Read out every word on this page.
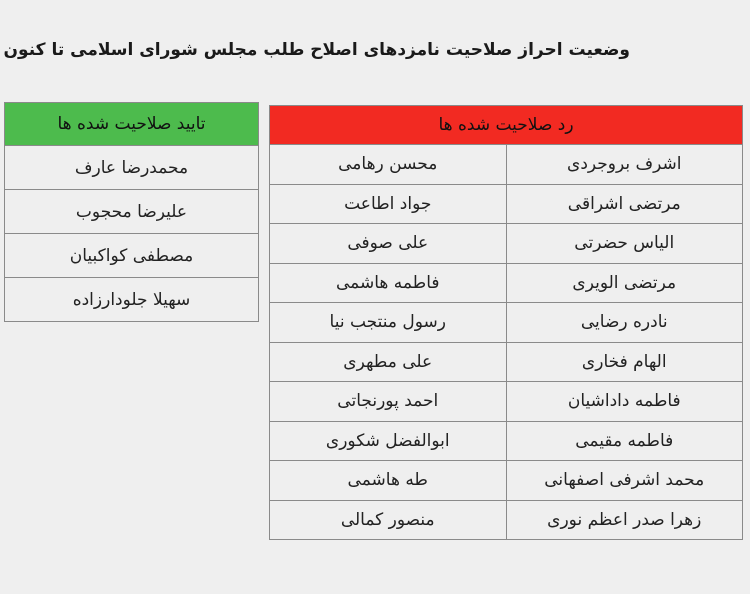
وضعیت احراز صلاحیت نامزدهای اصلاح طلب مجلس شورای اسلامی تا کنون
تایید صلاحیت شده ها
محمدرضا عارف
علیرضا محجوب
مصطفی کواکبیان
سهیلا جلودارزاده
رد صلاحیت شده ها	
اشرف بروجردی	محسن رهامی
مرتضی اشراقی	جواد اطاعت
الیاس حضرتی	علی صوفی
مرتضی الویری	فاطمه هاشمی
نادره رضایی	رسول منتجب نیا
الهام فخاری	علی مطهری
فاطمه داداشیان	احمد پورنجاتی
فاطمه مقیمی	ابوالفضل شکوری
محمد اشرفی اصفهانی	طه هاشمی
زهرا صدر اعظم نوری	منصور کمالی
